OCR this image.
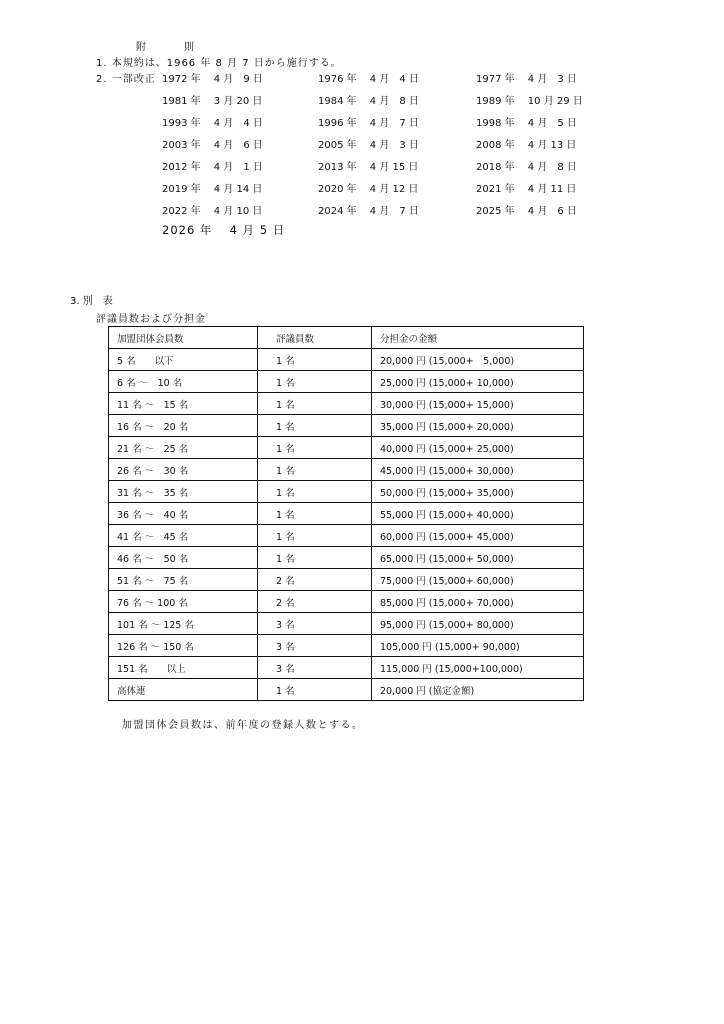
附　則
1. 本規約は、1966 年 8 月 7 日から施行する。
2. 一部改正 1972 年　 4 月　9 日	1976 年　 4 月　4 日	1977 年　 4 月　3 日
1981 年　 3 月 20 日	1984 年　 4 月　8 日	1989 年　 10 月 29 日
1993 年　 4 月　4 日	1996 年　 4 月　7 日	1998 年　 4 月　5 日
2003 年　 4 月　6 日	2005 年　 4 月　3 日	2008 年　 4 月 13 日
2012 年　 4 月　1 日	2013 年　 4 月 15 日	2018 年　 4 月　8 日
2019 年　 4 月 14 日	2020 年　 4 月 12 日	2021 年　 4 月 11 日
2022 年　 4 月 10 日	2024 年　 4 月　7 日	2025 年　 4 月　6 日
2026 年　 4 月 5 日
3. 別　表
評議員数および分担金
加盟団体会員数	評議員数	分担金の金額
5 名　　以下	1 名	20,000 円 (15,000+　5,000)
6 名 ～　10 名	1 名	25,000 円 (15,000+ 10,000)
11 名 ～　15 名	1 名	30,000 円 (15,000+ 15,000)
16 名 ～　20 名	1 名	35,000 円 (15,000+ 20,000)
21 名 ～　25 名	1 名	40,000 円 (15,000+ 25,000)
26 名 ～　30 名	1 名	45,000 円 (15,000+ 30,000)
31 名 ～　35 名	1 名	50,000 円 (15,000+ 35,000)
36 名 ～　40 名	1 名	55,000 円 (15,000+ 40,000)
41 名 ～　45 名	1 名	60,000 円 (15,000+ 45,000)
46 名 ～　50 名	1 名	65,000 円 (15,000+ 50,000)
51 名 ～　75 名	2 名	75,000 円 (15,000+ 60,000)
76 名 ～ 100 名	2 名	85,000 円 (15,000+ 70,000)
101 名 ～ 125 名	3 名	95,000 円 (15,000+ 80,000)
126 名 ～ 150 名	3 名	105,000 円 (15,000+ 90,000)
151 名　　以上	3 名	115,000 円 (15,000+100,000)
高体連	1 名	20,000 円 (協定金額)
加盟団体会員数は、前年度の登録人数とする。
